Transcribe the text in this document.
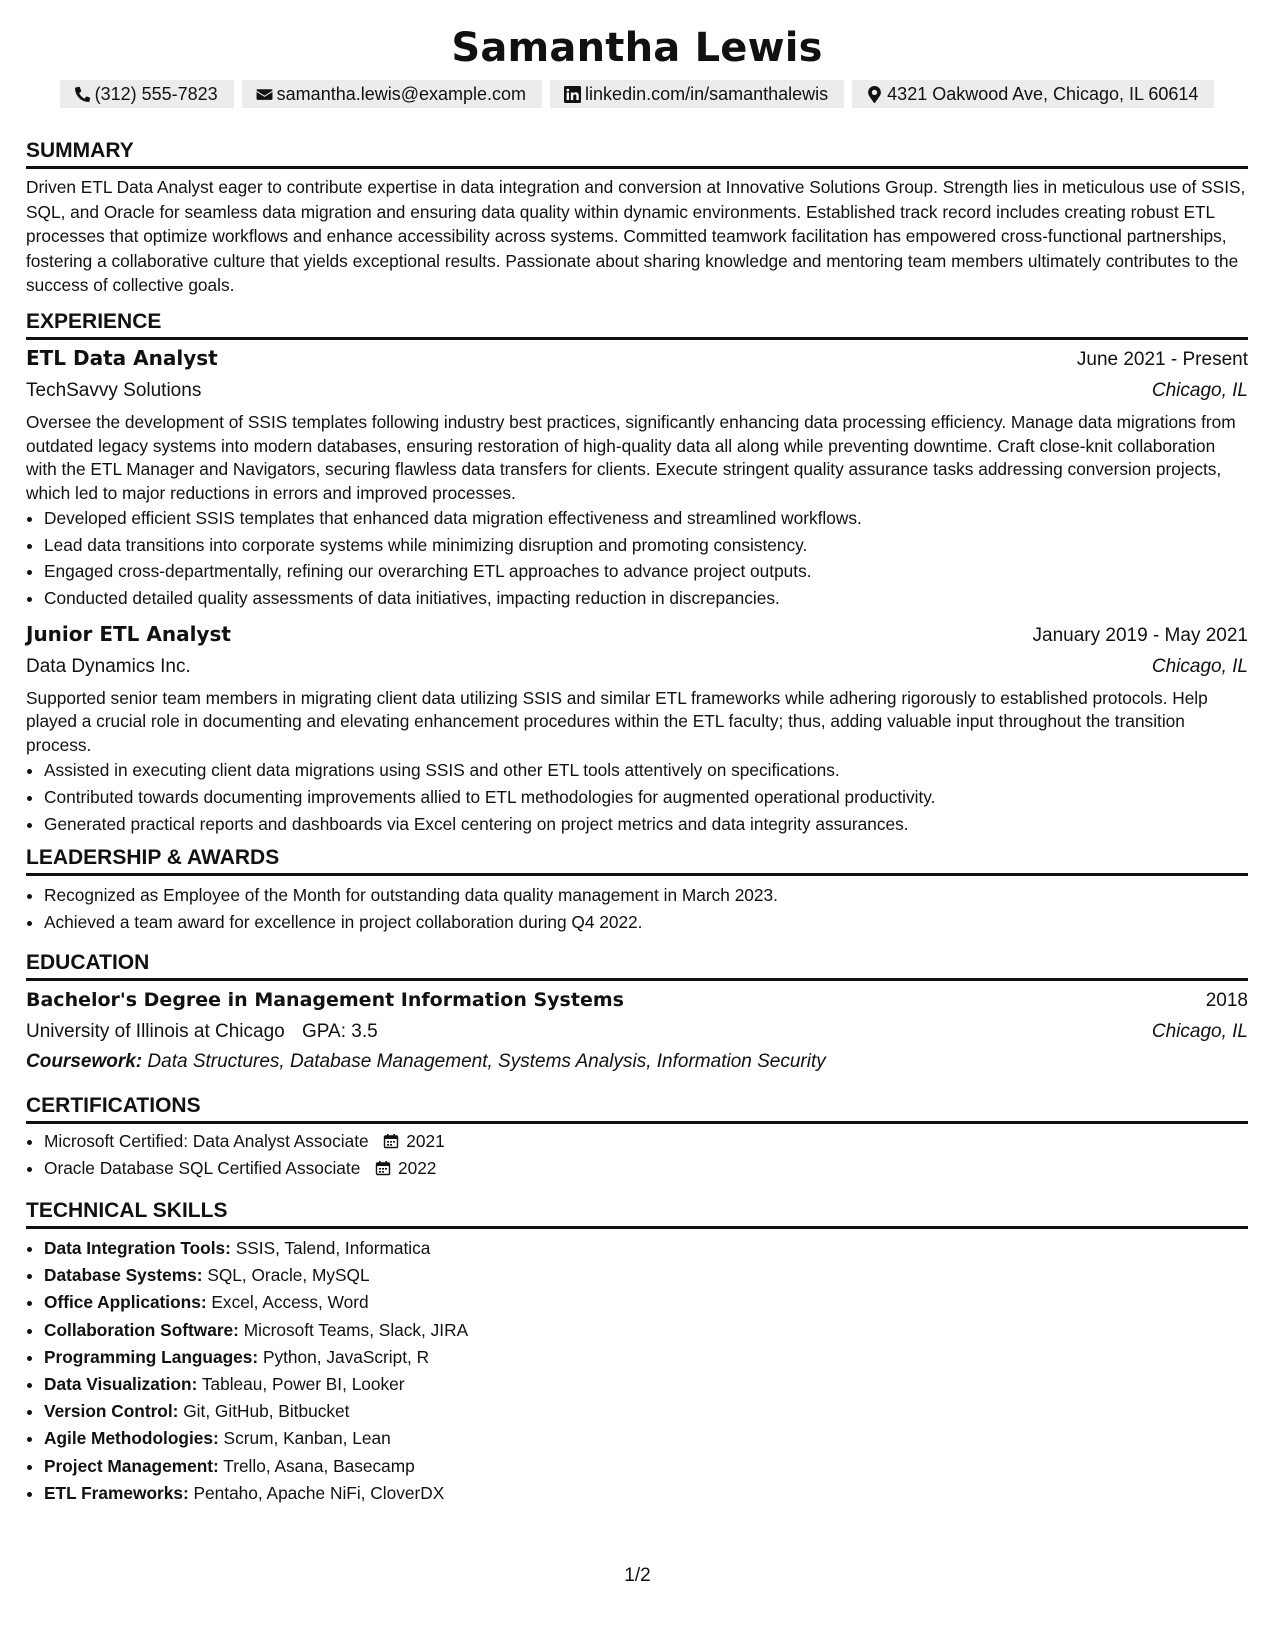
Samantha Lewis
(312) 555-7823	samantha.lewis@example.com	linkedin.com/in/samanthalewis	4321 Oakwood Ave, Chicago, IL 60614
SUMMARY

Driven ETL Data Analyst eager to contribute expertise in data integration and conversion at Innovative Solutions Group. Strength lies in meticulous use of SSIS, SQL, and Oracle for seamless data migration and ensuring data quality within dynamic environments. Established track record includes creating robust ETL processes that optimize workflows and enhance accessibility across systems. Committed teamwork facilitation has empowered cross-functional partnerships, fostering a collaborative culture that yields exceptional results. Passionate about sharing knowledge and mentoring team members ultimately contributes to the success of collective goals.

EXPERIENCE
ETL Data Analyst	June 2021 - Present
TechSavvy Solutions	Chicago, IL

Oversee the development of SSIS templates following industry best practices, significantly enhancing data processing efficiency. Manage data migrations from outdated legacy systems into modern databases, ensuring restoration of high-quality data all along while preventing downtime. Craft close-knit collaboration with the ETL Manager and Navigators, securing flawless data transfers for clients. Execute stringent quality assurance tasks addressing conversion projects, which led to major reductions in errors and improved processes.

• Developed efficient SSIS templates that enhanced data migration effectiveness and streamlined workflows.
• Lead data transitions into corporate systems while minimizing disruption and promoting consistency.
• Engaged cross-departmentally, refining our overarching ETL approaches to advance project outputs.
• Conducted detailed quality assessments of data initiatives, impacting reduction in discrepancies.
Junior ETL Analyst	January 2019 - May 2021
Data Dynamics Inc.	Chicago, IL

Supported senior team members in migrating client data utilizing SSIS and similar ETL frameworks while adhering rigorously to established protocols. Help played a crucial role in documenting and elevating enhancement procedures within the ETL faculty; thus, adding valuable input throughout the transition process.

• Assisted in executing client data migrations using SSIS and other ETL tools attentively on specifications.
• Contributed towards documenting improvements allied to ETL methodologies for augmented operational productivity.
• Generated practical reports and dashboards via Excel centering on project metrics and data integrity assurances.
LEADERSHIP & AWARDS
• Recognized as Employee of the Month for outstanding data quality management in March 2023.
• Achieved a team award for excellence in project collaboration during Q4 2022.
EDUCATION
Bachelor's Degree in Management Information Systems	2018
University of Illinois at Chicago GPA: 3.5	Chicago, IL
Coursework: Data Structures, Database Management, Systems Analysis, Information Security
CERTIFICATIONS
• Microsoft Certified: Data Analyst Associate 2021
• Oracle Database SQL Certified Associate 2022
TECHNICAL SKILLS
• Data Integration Tools: SSIS, Talend, Informatica
• Database Systems: SQL, Oracle, MySQL
• Office Applications: Excel, Access, Word
• Collaboration Software: Microsoft Teams, Slack, JIRA
• Programming Languages: Python, JavaScript, R
• Data Visualization: Tableau, Power BI, Looker
• Version Control: Git, GitHub, Bitbucket
• Agile Methodologies: Scrum, Kanban, Lean
• Project Management: Trello, Asana, Basecamp
• ETL Frameworks: Pentaho, Apache NiFi, CloverDX
1/2
